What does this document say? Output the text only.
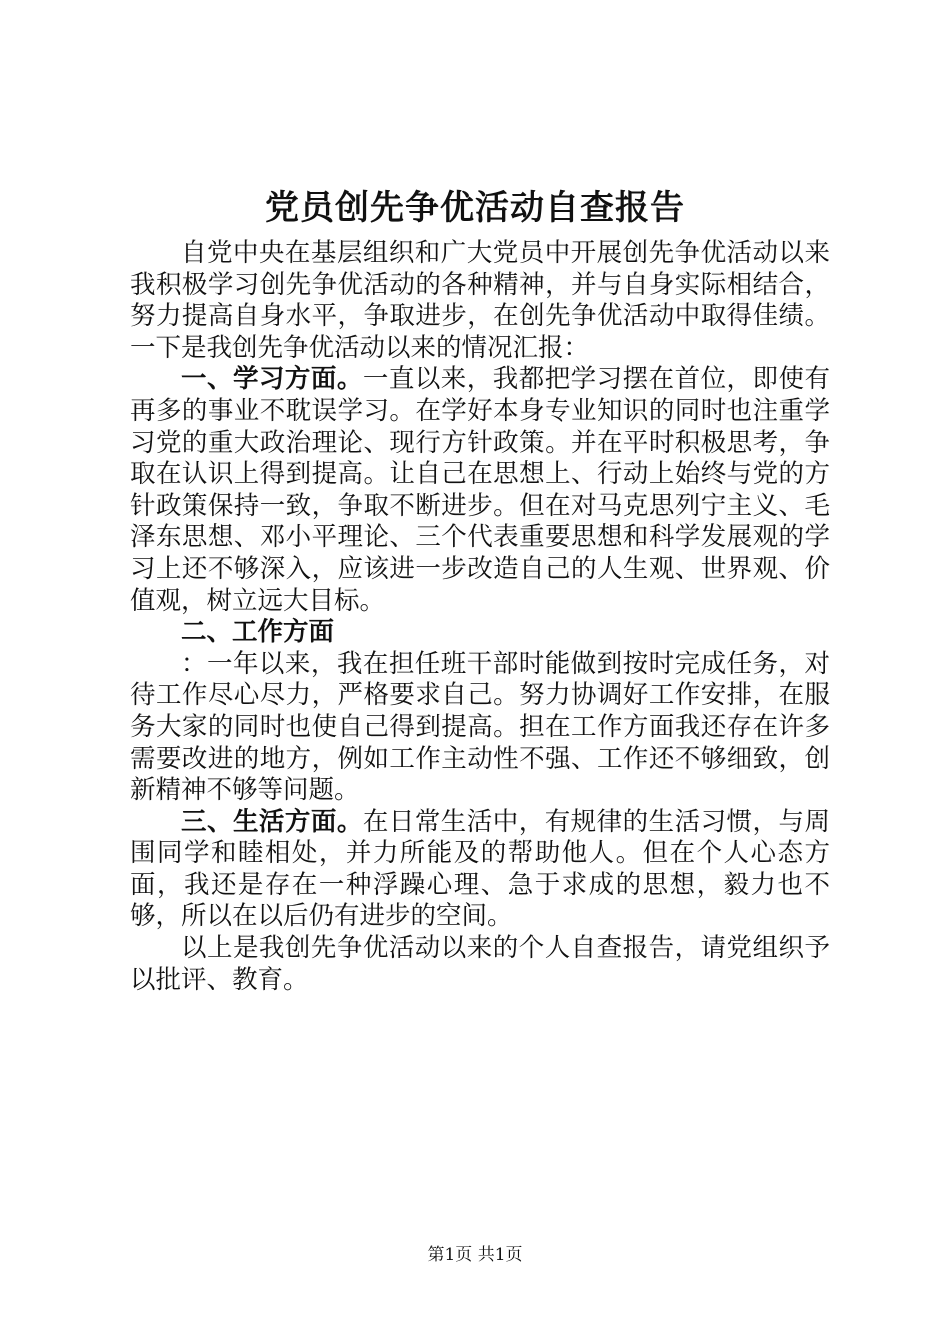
党员创先争优活动自查报告

自党中央在基层组织和广大党员中开展创先争优活动以来我积极学习创先争优活动的各种精神，并与自身实际相结合，努力提高自身水平，争取进步，在创先争优活动中取得佳绩。一下是我创先争优活动以来的情况汇报：

一、学习方面。一直以来，我都把学习摆在首位，即使有再多的事业不耽误学习。在学好本身专业知识的同时也注重学习党的重大政治理论、现行方针政策。并在平时积极思考，争取在认识上得到提高。让自己在思想上、行动上始终与党的方针政策保持一致，争取不断进步。但在对马克思列宁主义、毛泽东思想、邓小平理论、三个代表重要思想和科学发展观的学习上还不够深入，应该进一步改造自己的人生观、世界观、价值观，树立远大目标。

二、工作方面

：一年以来，我在担任班干部时能做到按时完成任务，对待工作尽心尽力，严格要求自己。努力协调好工作安排，在服务大家的同时也使自己得到提高。担在工作方面我还存在许多需要改进的地方，例如工作主动性不强、工作还不够细致，创新精神不够等问题。

三、生活方面。在日常生活中，有规律的生活习惯，与周围同学和睦相处，并力所能及的帮助他人。但在个人心态方面，我还是存在一种浮躁心理、急于求成的思想，毅力也不够，所以在以后仍有进步的空间。

以上是我创先争优活动以来的个人自查报告，请党组织予以批评、教育。

第1页 共1页
